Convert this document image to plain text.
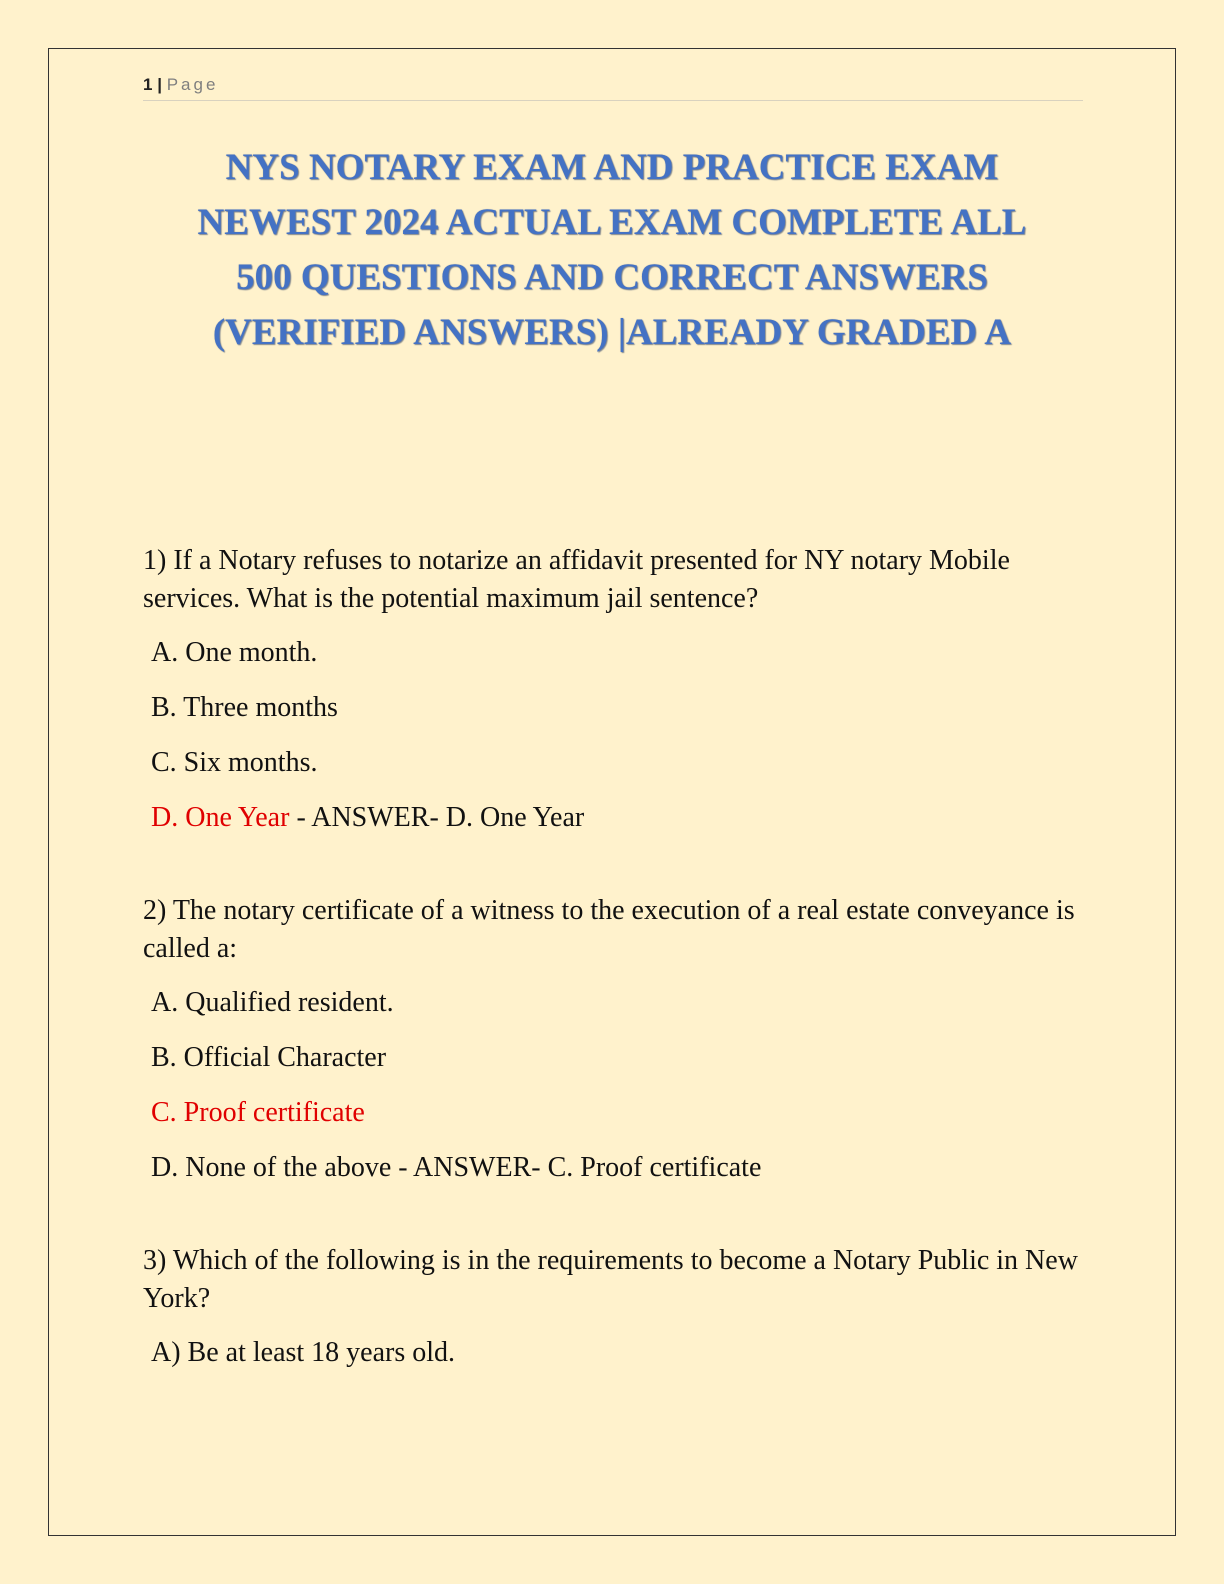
1 | Page
NYS NOTARY EXAM AND PRACTICE EXAM
NEWEST 2024 ACTUAL EXAM COMPLETE ALL
500 QUESTIONS AND CORRECT ANSWERS
(VERIFIED ANSWERS) |ALREADY GRADED A

1) If a Notary refuses to notarize an affidavit presented for NY notary Mobile services. What is the potential maximum jail sentence?

A. One month.
B. Three months
C. Six months.
D. One Year - ANSWER- D. One Year

2) The notary certificate of a witness to the execution of a real estate conveyance is called a:

A. Qualified resident.
B. Official Character
C. Proof certificate
D. None of the above - ANSWER- C. Proof certificate

3) Which of the following is in the requirements to become a Notary Public in New York?

A) Be at least 18 years old.
